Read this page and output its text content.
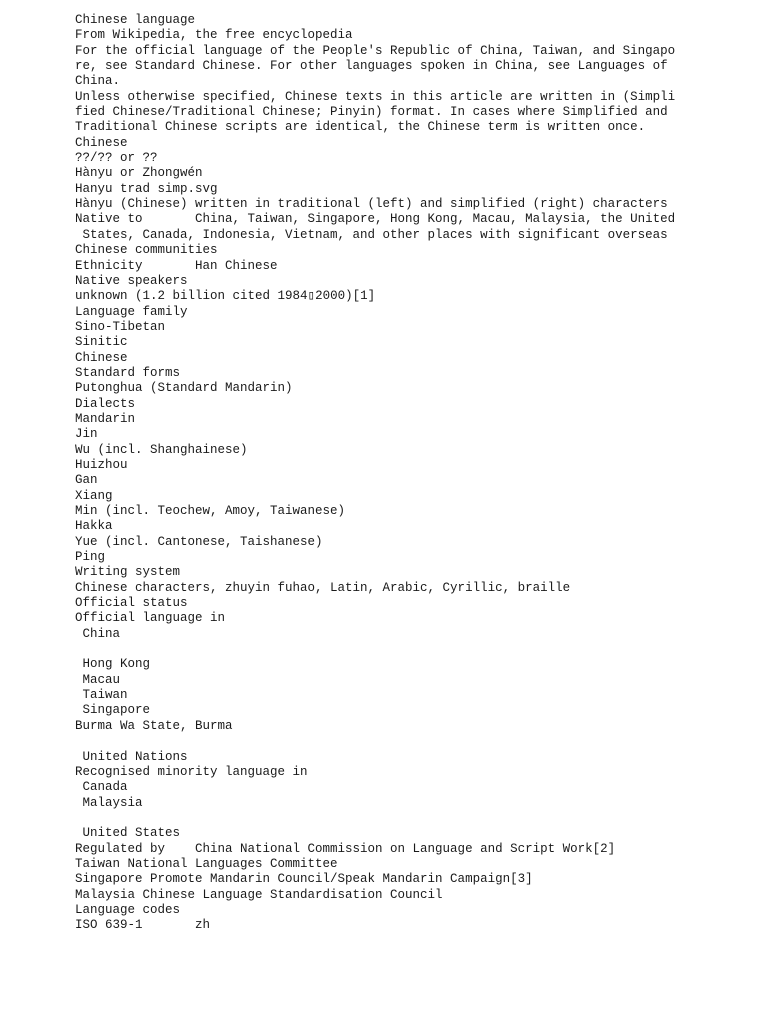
Chinese language
From Wikipedia, the free encyclopedia
For the official language of the People's Republic of China, Taiwan, and Singapo
re, see Standard Chinese. For other languages spoken in China, see Languages of
China.
Unless otherwise specified, Chinese texts in this article are written in (Simpli
fied Chinese/Traditional Chinese; Pinyin) format. In cases where Simplified and
Traditional Chinese scripts are identical, the Chinese term is written once.
Chinese
??/?? or ??
Hànyu or Zhongwén
Hanyu trad simp.svg
Hànyu (Chinese) written in traditional (left) and simplified (right) characters
Native to       China, Taiwan, Singapore, Hong Kong, Macau, Malaysia, the United
States, Canada, Indonesia, Vietnam, and other places with significant overseas
Chinese communities
Ethnicity       Han Chinese
Native speakers
unknown (1.2 billion cited 1984▯2000)[1]
Language family
Sino-Tibetan
Sinitic
Chinese
Standard forms
Putonghua (Standard Mandarin)
Dialects
Mandarin
Jin
Wu (incl. Shanghainese)
Huizhou
Gan
Xiang
Min (incl. Teochew, Amoy, Taiwanese)
Hakka
Yue (incl. Cantonese, Taishanese)
Ping
Writing system
Chinese characters, zhuyin fuhao, Latin, Arabic, Cyrillic, braille
Official status
Official language in
China
Hong Kong
Macau
Taiwan
Singapore
Burma Wa State, Burma
United Nations
Recognised minority language in
Canada
Malaysia
United States
Regulated by    China National Commission on Language and Script Work[2]
Taiwan National Languages Committee
Singapore Promote Mandarin Council/Speak Mandarin Campaign[3]
Malaysia Chinese Language Standardisation Council
Language codes
ISO 639-1       zh
